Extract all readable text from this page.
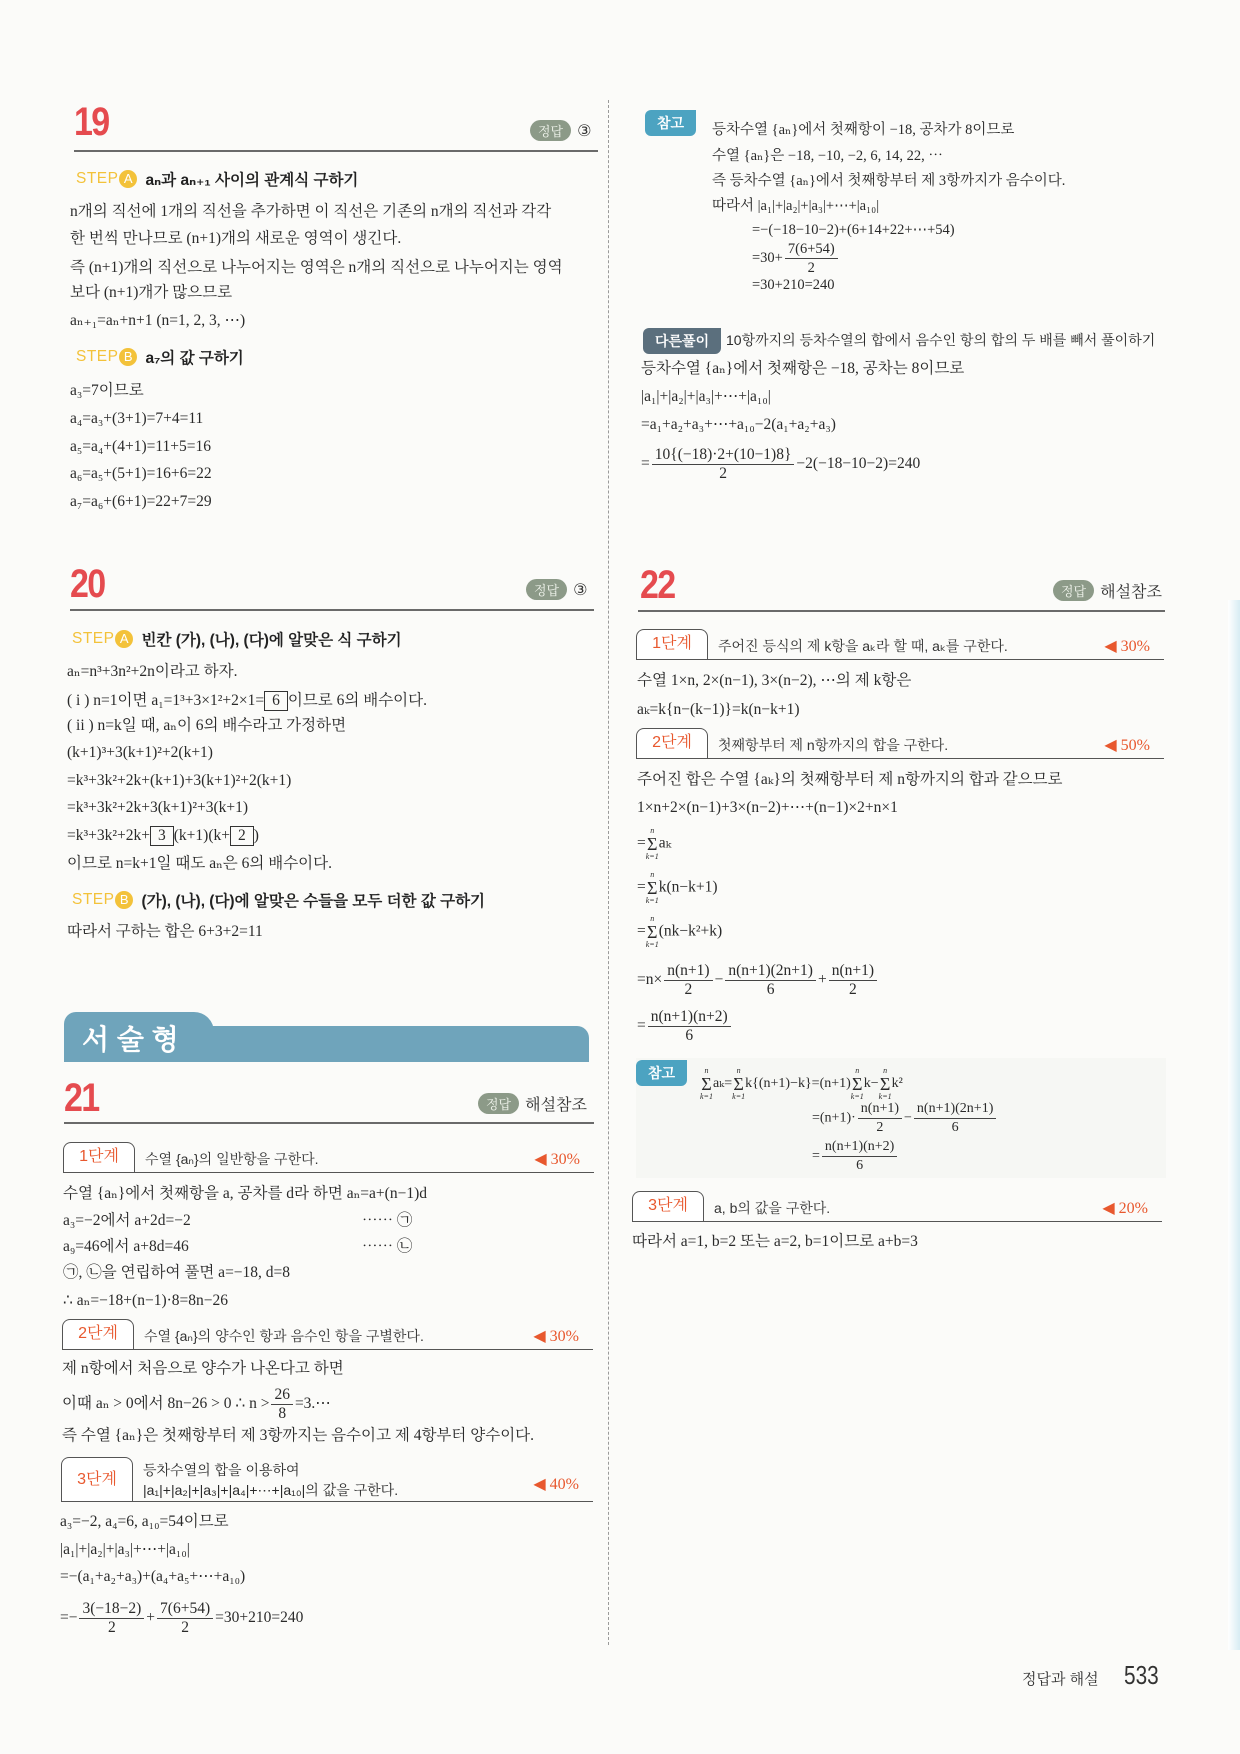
19	정답 ③
STEP A aₙ과 aₙ₊₁ 사이의 관계식 구하기
n개의 직선에 1개의 직선을 추가하면 이 직선은 기존의 n개의 직선과 각각
한 번씩 만나므로 (n+1)개의 새로운 영역이 생긴다.
즉 (n+1)개의 직선으로 나누어지는 영역은 n개의 직선으로 나누어지는 영역
보다 (n+1)개가 많으므로
aₙ₊₁=aₙ+n+1 (n=1, 2, 3, ⋯)
STEP B a₇의 값 구하기
a₃=7이므로
a₄=a₃+(3+1)=7+4=11
a₅=a₄+(4+1)=11+5=16
a₆=a₅+(5+1)=16+6=22
a₇=a₆+(6+1)=22+7=29
20	정답 ③
STEP A 빈칸 (가), (나), (다)에 알맞은 식 구하기
aₙ=n³+3n²+2n이라고 하자.
( i ) n=1이면 a₁=1³+3×1²+2×1= 6 이므로 6의 배수이다.
( ii ) n=k일 때, aₙ이 6의 배수라고 가정하면
(k+1)³+3(k+1)²+2(k+1)
=k³+3k²+2k+(k+1)+3(k+1)²+2(k+1)
=k³+3k²+2k+3(k+1)²+3(k+1)
=k³+3k²+2k+ 3 (k+1)(k+ 2 )
이므로 n=k+1일 때도 aₙ은 6의 배수이다.
STEP B (가), (나), (다)에 알맞은 수들을 모두 더한 값 구하기
따라서 구하는 합은 6+3+2=11
서 술 형
21	정답 해설참조
1단계	수열 {aₙ}의 일반항을 구한다.	◀ 30%
수열 {aₙ}에서 첫째항을 a, 공차를 d라 하면 aₙ=a+(n−1)d
a₃=−2에서 a+2d=−2	⋯⋯ ㉠
a₉=46에서 a+8d=46	⋯⋯ ㉡
㉠, ㉡을 연립하여 풀면 a=−18, d=8
∴ aₙ=−18+(n−1)·8=8n−26
2단계	수열 {aₙ}의 양수인 항과 음수인 항을 구별한다.	◀ 30%
제 n항에서 처음으로 양수가 나온다고 하면
이때 aₙ > 0에서 8n−26 > 0 ∴ $n > \frac{26}{8}$ =3.⋯
즉 수열 {aₙ}은 첫째항부터 제 3항까지는 음수이고 제 4항부터 양수이다.
3단계
등차수열의 합을 이용하여
|a₁|+|a₂|+|a₃|+|a₄|+⋯+|a₁₀|의 값을 구한다.	◀ 40%
a₃=−2, a₄=6, a₁₀=54이므로
|a₁|+|a₂|+|a₃|+⋯+|a₁₀|
=−(a₁+a₂+a₃)+(a₄+a₅+⋯+a₁₀)
=− $\frac{3(-18-2)}{2} + \frac{7(6+54)}{2} =30+210=240$
참고	등차수열 {aₙ}에서 첫째항이 −18, 공차가 8이므로
수열 {aₙ}은 −18, −10, −2, 6, 14, 22, ⋯
즉 등차수열 {aₙ}에서 첫째항부터 제 3항까지가 음수이다.
따라서 |a₁|+|a₂|+|a₃|+⋯+|a₁₀|
=−(−18−10−2)+(6+14+22+⋯+54)
$=30+ \frac{7(6+54)}{2}$
=30+210=240
다른풀이	10항까지의 등차수열의 합에서 음수인 항의 합의 두 배를 빼서 풀이하기
등차수열 {aₙ}에서 첫째항은 −18, 공차는 8이므로
|a₁|+|a₂|+|a₃|+⋯+|a₁₀|
=a₁+a₂+a₃+⋯+a₁₀−2(a₁+a₂+a₃)
= $\frac{10\{(-18)\cdot 2+(10-1)8\}}{2} -2(-18-10-2)=240$
22	정답 해설참조
1단계	주어진 등식의 제 k항을 aₖ라 할 때, aₖ를 구한다.	◀ 30%
수열 1×n, 2×(n−1), 3×(n−2), ⋯의 제 k항은
aₖ=k{n−(k−1)}=k(n−k+1)
2단계	첫째항부터 제 n항까지의 합을 구한다.	◀ 50%
주어진 합은 수열 {aₖ}의 첫째항부터 제 n항까지의 합과 같으므로
1×n+2×(n−1)+3×(n−2)+⋯+(n−1)×2+n×1
=
n
Σ
k=1
aₖ
=
n
Σ
k=1
k(n−k+1)
=
n
Σ
k=1
(nk−k²+k)
$=n\times \frac{n(n+1)}{2} - \frac{n(n+1)(2n+1)}{6} + \frac{n(n+1)}{2}$
= $\frac{n(n+1)(n+2)}{6}$
참고	n
Σ
k=1
aₖ=
n
Σ
k=1
k{(n+1)−k}=(n+1)
n
Σ
k=1
k−
n
Σ
k=1
k²
$=(n+1)\cdot \frac{n(n+1)}{2} - \frac{n(n+1)(2n+1)}{6}$
= $\frac{n(n+1)(n+2)}{6}$
3단계	a, b의 값을 구한다.	◀ 20%
따라서 a=1, b=2 또는 a=2, b=1이므로 a+b=3
정답과 해설 533
